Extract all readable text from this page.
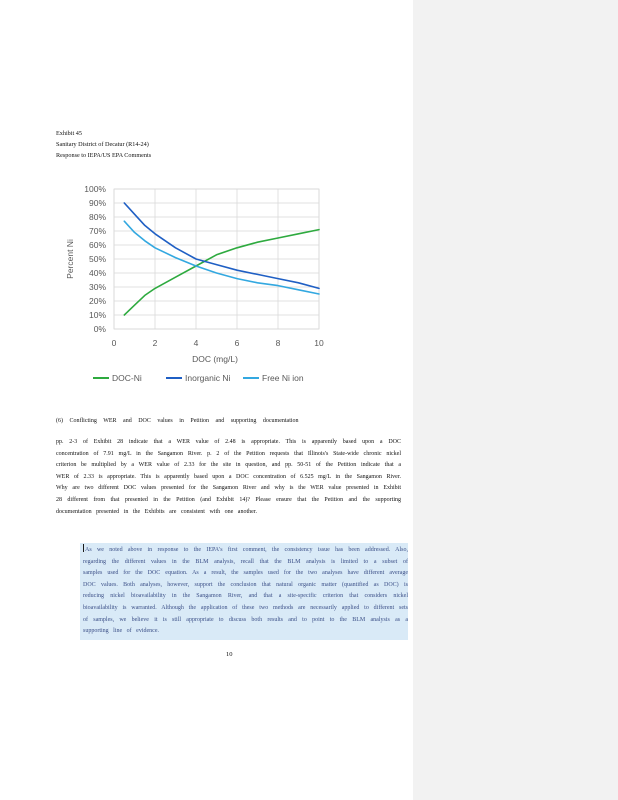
Exhibit 45
Sanitary District of Decatur (R14-24)
Response to IEPA/US EPA Comments
0%
10%
20%
30%
40%
50%
60%
70%
80%
90%
100%
0	2	4	6	8	10
DOC (mg/L)
Percent Ni
DOC-Ni	Inorganic Ni	Free Ni ion
(6) Conflicting WER and DOC values in Petition and supporting documentation
pp. 2-3 of Exhibit 28 indicate that a WER value of 2.48 is appropriate. This is apparently based upon a DOC concentration of 7.91 mg/L in the Sangamon River. p. 2 of the Petition requests that Illinois's State-wide chronic nickel criterion be multiplied by a WER value of 2.33 for the site in question, and pp. 50-51 of the Petition indicate that a WER of 2.33 is appropriate. This is apparently based upon a DOC concentration of 6.525 mg/L in the Sangamon River. Why are two different DOC values presented for the Sangamon River and why is the WER value presented in Exhibit 28 different from that presented in the Petition (and Exhibit 14)? Please ensure that the Petition and the supporting documentation presented in the Exhibits are consistent with one another.
As we noted above in response to the IEPA's first comment, the consistency issue has been addressed. Also, regarding the different values in the BLM analysis, recall that the BLM analysis is limited to a subset of samples used for the DOC equation. As a result, the samples used for the two analyses have different average DOC values. Both analyses, however, support the conclusion that natural organic matter (quantified as DOC) is reducing nickel bioavailability in the Sangamon River, and that a site-specific criterion that considers nickel bioavailability is warranted. Although the application of these two methods are necessarily applied to different sets of samples, we believe it is still appropriate to discuss both results and to point to the BLM analysis as a supporting line of evidence.
10
